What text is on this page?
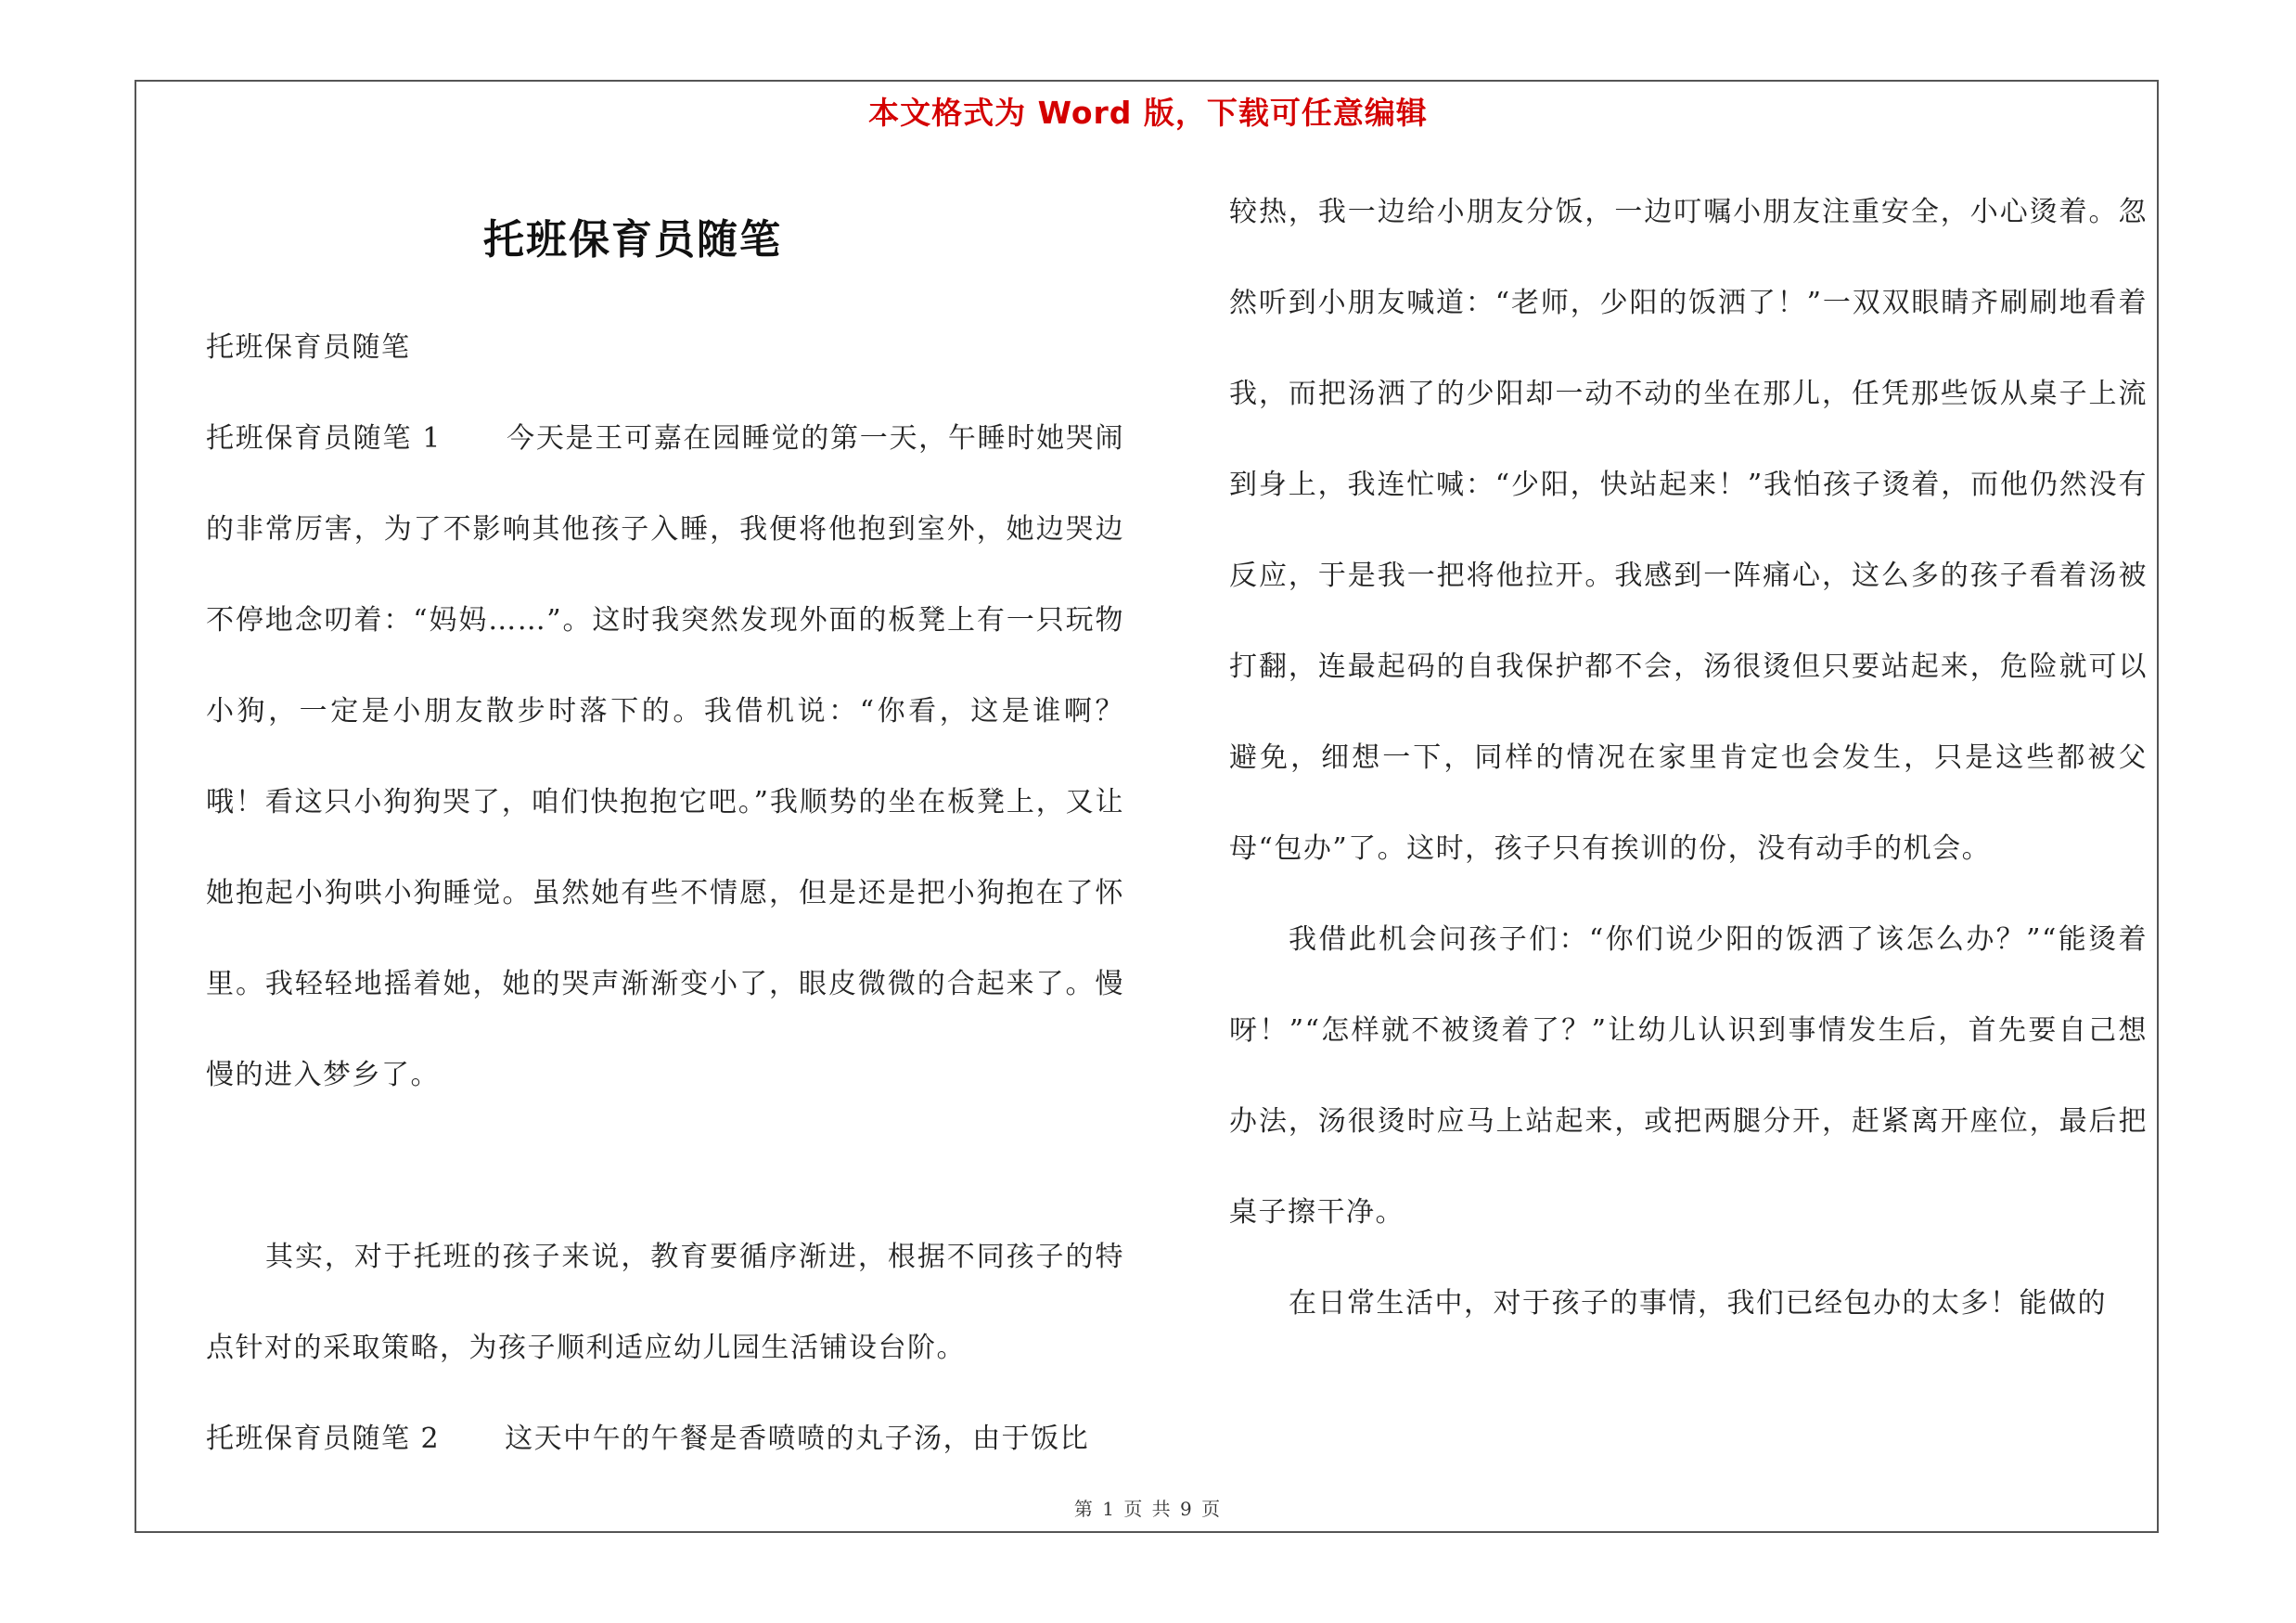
本文格式为 Word 版，下载可任意编辑
托班保育员随笔

托班保育员随笔

托班保育员随笔 1 今天是王可嘉在园睡觉的第一天，午睡时她哭闹的非常厉害，为了不影响其他孩子入睡，我便将他抱到室外，她边哭边不停地念叨着：“妈妈……”。这时我突然发现外面的板凳上有一只玩物小狗，一定是小朋友散步时落下的。我借机说：“你看，这是谁啊？哦！看这只小狗狗哭了，咱们快抱抱它吧。”我顺势的坐在板凳上，又让她抱起小狗哄小狗睡觉。虽然她有些不情愿，但是还是把小狗抱在了怀里。我轻轻地摇着她，她的哭声渐渐变小了，眼皮微微的合起来了。慢慢的进入梦乡了。

其实，对于托班的孩子来说，教育要循序渐进，根据不同孩子的特点针对的采取策略，为孩子顺利适应幼儿园生活铺设台阶。

托班保育员随笔 2 这天中午的午餐是香喷喷的丸子汤，由于饭比

较热，我一边给小朋友分饭，一边叮嘱小朋友注重安全，小心烫着。忽然听到小朋友喊道：“老师，少阳的饭洒了！”一双双眼睛齐刷刷地看着我，而把汤洒了的少阳却一动不动的坐在那儿，任凭那些饭从桌子上流到身上，我连忙喊：“少阳，快站起来！”我怕孩子烫着，而他仍然没有反应，于是我一把将他拉开。我感到一阵痛心，这么多的孩子看着汤被打翻，连最起码的自我保护都不会，汤很烫但只要站起来，危险就可以避免，细想一下，同样的情况在家里肯定也会发生，只是这些都被父母“包办”了。这时，孩子只有挨训的份，没有动手的机会。

我借此机会问孩子们：“你们说少阳的饭洒了该怎么办？”“能烫着呀！”“怎样就不被烫着了？”让幼儿认识到事情发生后，首先要自己想办法，汤很烫时应马上站起来，或把两腿分开，赶紧离开座位，最后把桌子擦干净。

在日常生活中，对于孩子的事情，我们已经包办的太多！能做的

第 1 页 共 9 页
